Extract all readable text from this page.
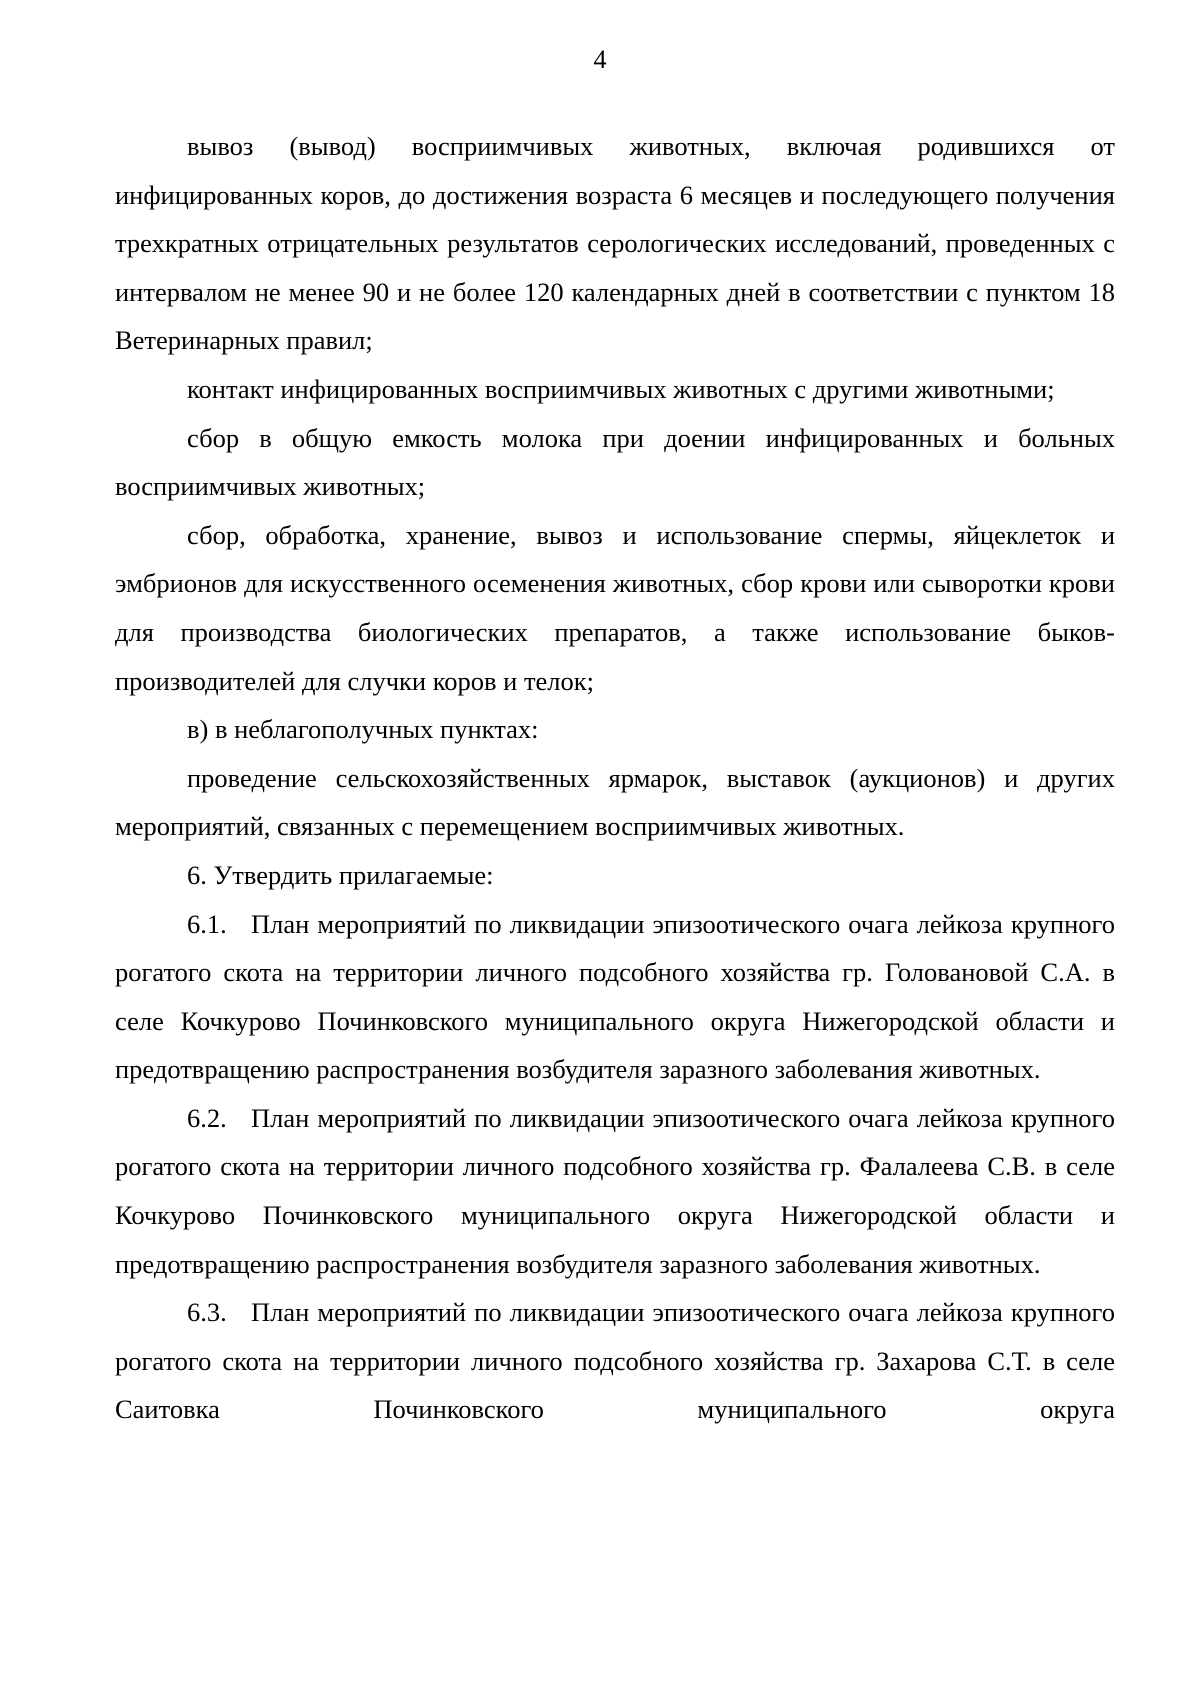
4

вывоз (вывод) восприимчивых животных, включая родившихся от инфицированных коров, до достижения возраста 6 месяцев и последующего получения трехкратных отрицательных результатов серологических исследований, проведенных с интервалом не менее 90 и не более 120 календарных дней в соответствии с пунктом 18 Ветеринарных правил;

контакт инфицированных восприимчивых животных с другими животными;

сбор в общую емкость молока при доении инфицированных и больных восприимчивых животных;

сбор, обработка, хранение, вывоз и использование спермы, яйцеклеток и эмбрионов для искусственного осеменения животных, сбор крови или сыворотки крови для производства биологических препаратов, а также использование быков-производителей для случки коров и телок;

в) в неблагополучных пунктах:

проведение сельскохозяйственных ярмарок, выставок (аукционов) и других мероприятий, связанных с перемещением восприимчивых животных.

6. Утвердить прилагаемые:

6.1.   План мероприятий по ликвидации эпизоотического очага лейкоза крупного рогатого скота на территории личного подсобного хозяйства гр. Головановой С.А. в селе Кочкурово Починковского муниципального округа Нижегородской области и предотвращению распространения возбудителя заразного заболевания животных.

6.2.   План мероприятий по ликвидации эпизоотического очага лейкоза крупного рогатого скота на территории личного подсобного хозяйства гр. Фалалеева С.В. в селе Кочкурово Починковского муниципального округа Нижегородской области и предотвращению распространения возбудителя заразного заболевания животных.

6.3.   План мероприятий по ликвидации эпизоотического очага лейкоза крупного рогатого скота на территории личного подсобного хозяйства гр. Захарова С.Т. в селе Саитовка Починковского муниципального округа
